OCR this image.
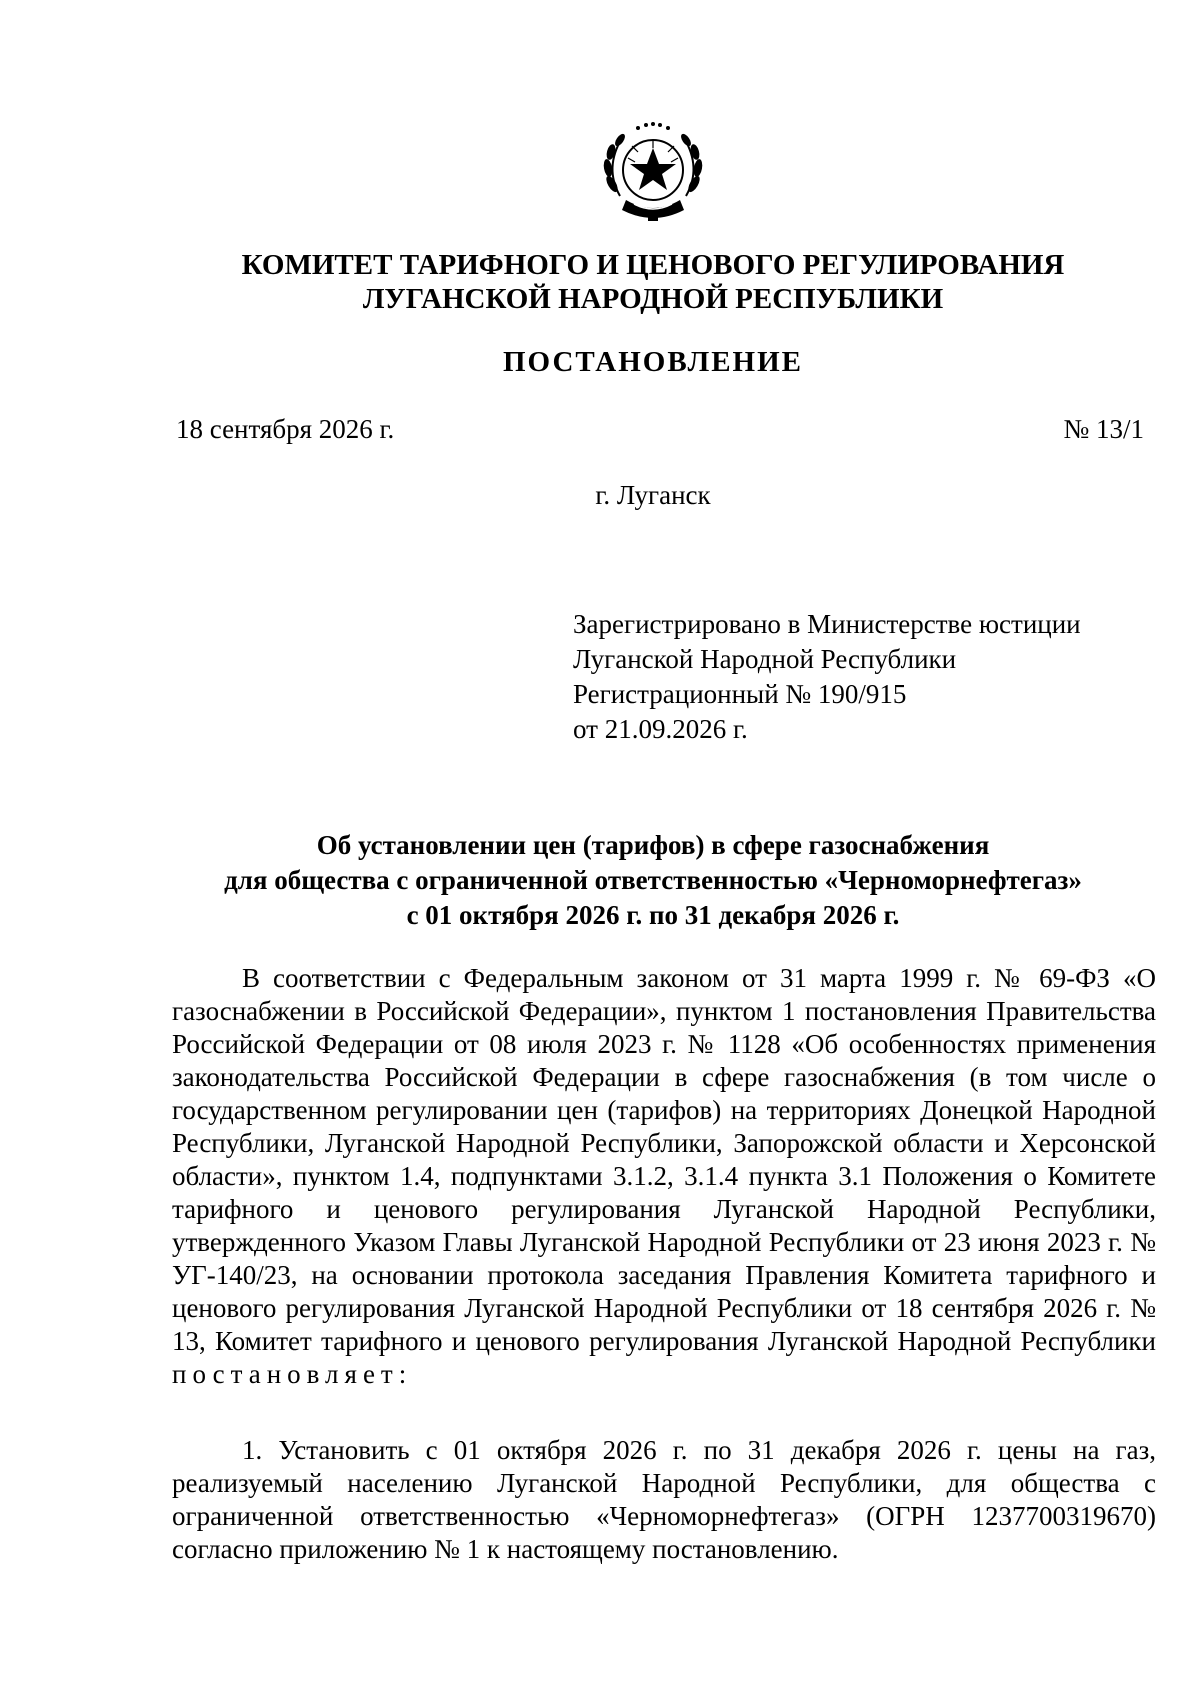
КОМИТЕТ ТАРИФНОГО И ЦЕНОВОГО РЕГУЛИРОВАНИЯ
ЛУГАНСКОЙ НАРОДНОЙ РЕСПУБЛИКИ
ПОСТАНОВЛЕНИЕ
18 сентября 2026 г.	№ 13/1
г. Луганск
Зарегистрировано в Министерстве юстиции
Луганской Народной Республики
Регистрационный № 190/915
от 21.09.2026 г.
Об установлении цен (тарифов) в сфере газоснабжения
для общества с ограниченной ответственностью «Черноморнефтегаз»
с 01 октября 2026 г. по 31 декабря 2026 г.
В соответствии с Федеральным законом от 31 марта 1999 г. № 69-ФЗ «О газоснабжении в Российской Федерации», пунктом 1 постановления Правительства Российской Федерации от 08 июля 2023 г. № 1128 «Об особенностях применения законодательства Российской Федерации в сфере газоснабжения (в том числе о государственном регулировании цен (тарифов) на территориях Донецкой Народной Республики, Луганской Народной Республики, Запорожской области и Херсонской области», пунктом 1.4, подпунктами 3.1.2, 3.1.4 пункта 3.1 Положения о Комитете тарифного и ценового регулирования Луганской Народной Республики, утвержденного Указом Главы Луганской Народной Республики от 23 июня 2023 г. № УГ-140/23, на основании протокола заседания Правления Комитета тарифного и ценового регулирования Луганской Народной Республики от 18 сентября 2026 г. № 13, Комитет тарифного и ценового регулирования Луганской Народной Республики постановляет:
1. Установить с 01 октября 2026 г. по 31 декабря 2026 г. цены на газ, реализуемый населению Луганской Народной Республики, для общества с ограниченной ответственностью «Черноморнефтегаз» (ОГРН 1237700319670) согласно приложению № 1 к настоящему постановлению.
